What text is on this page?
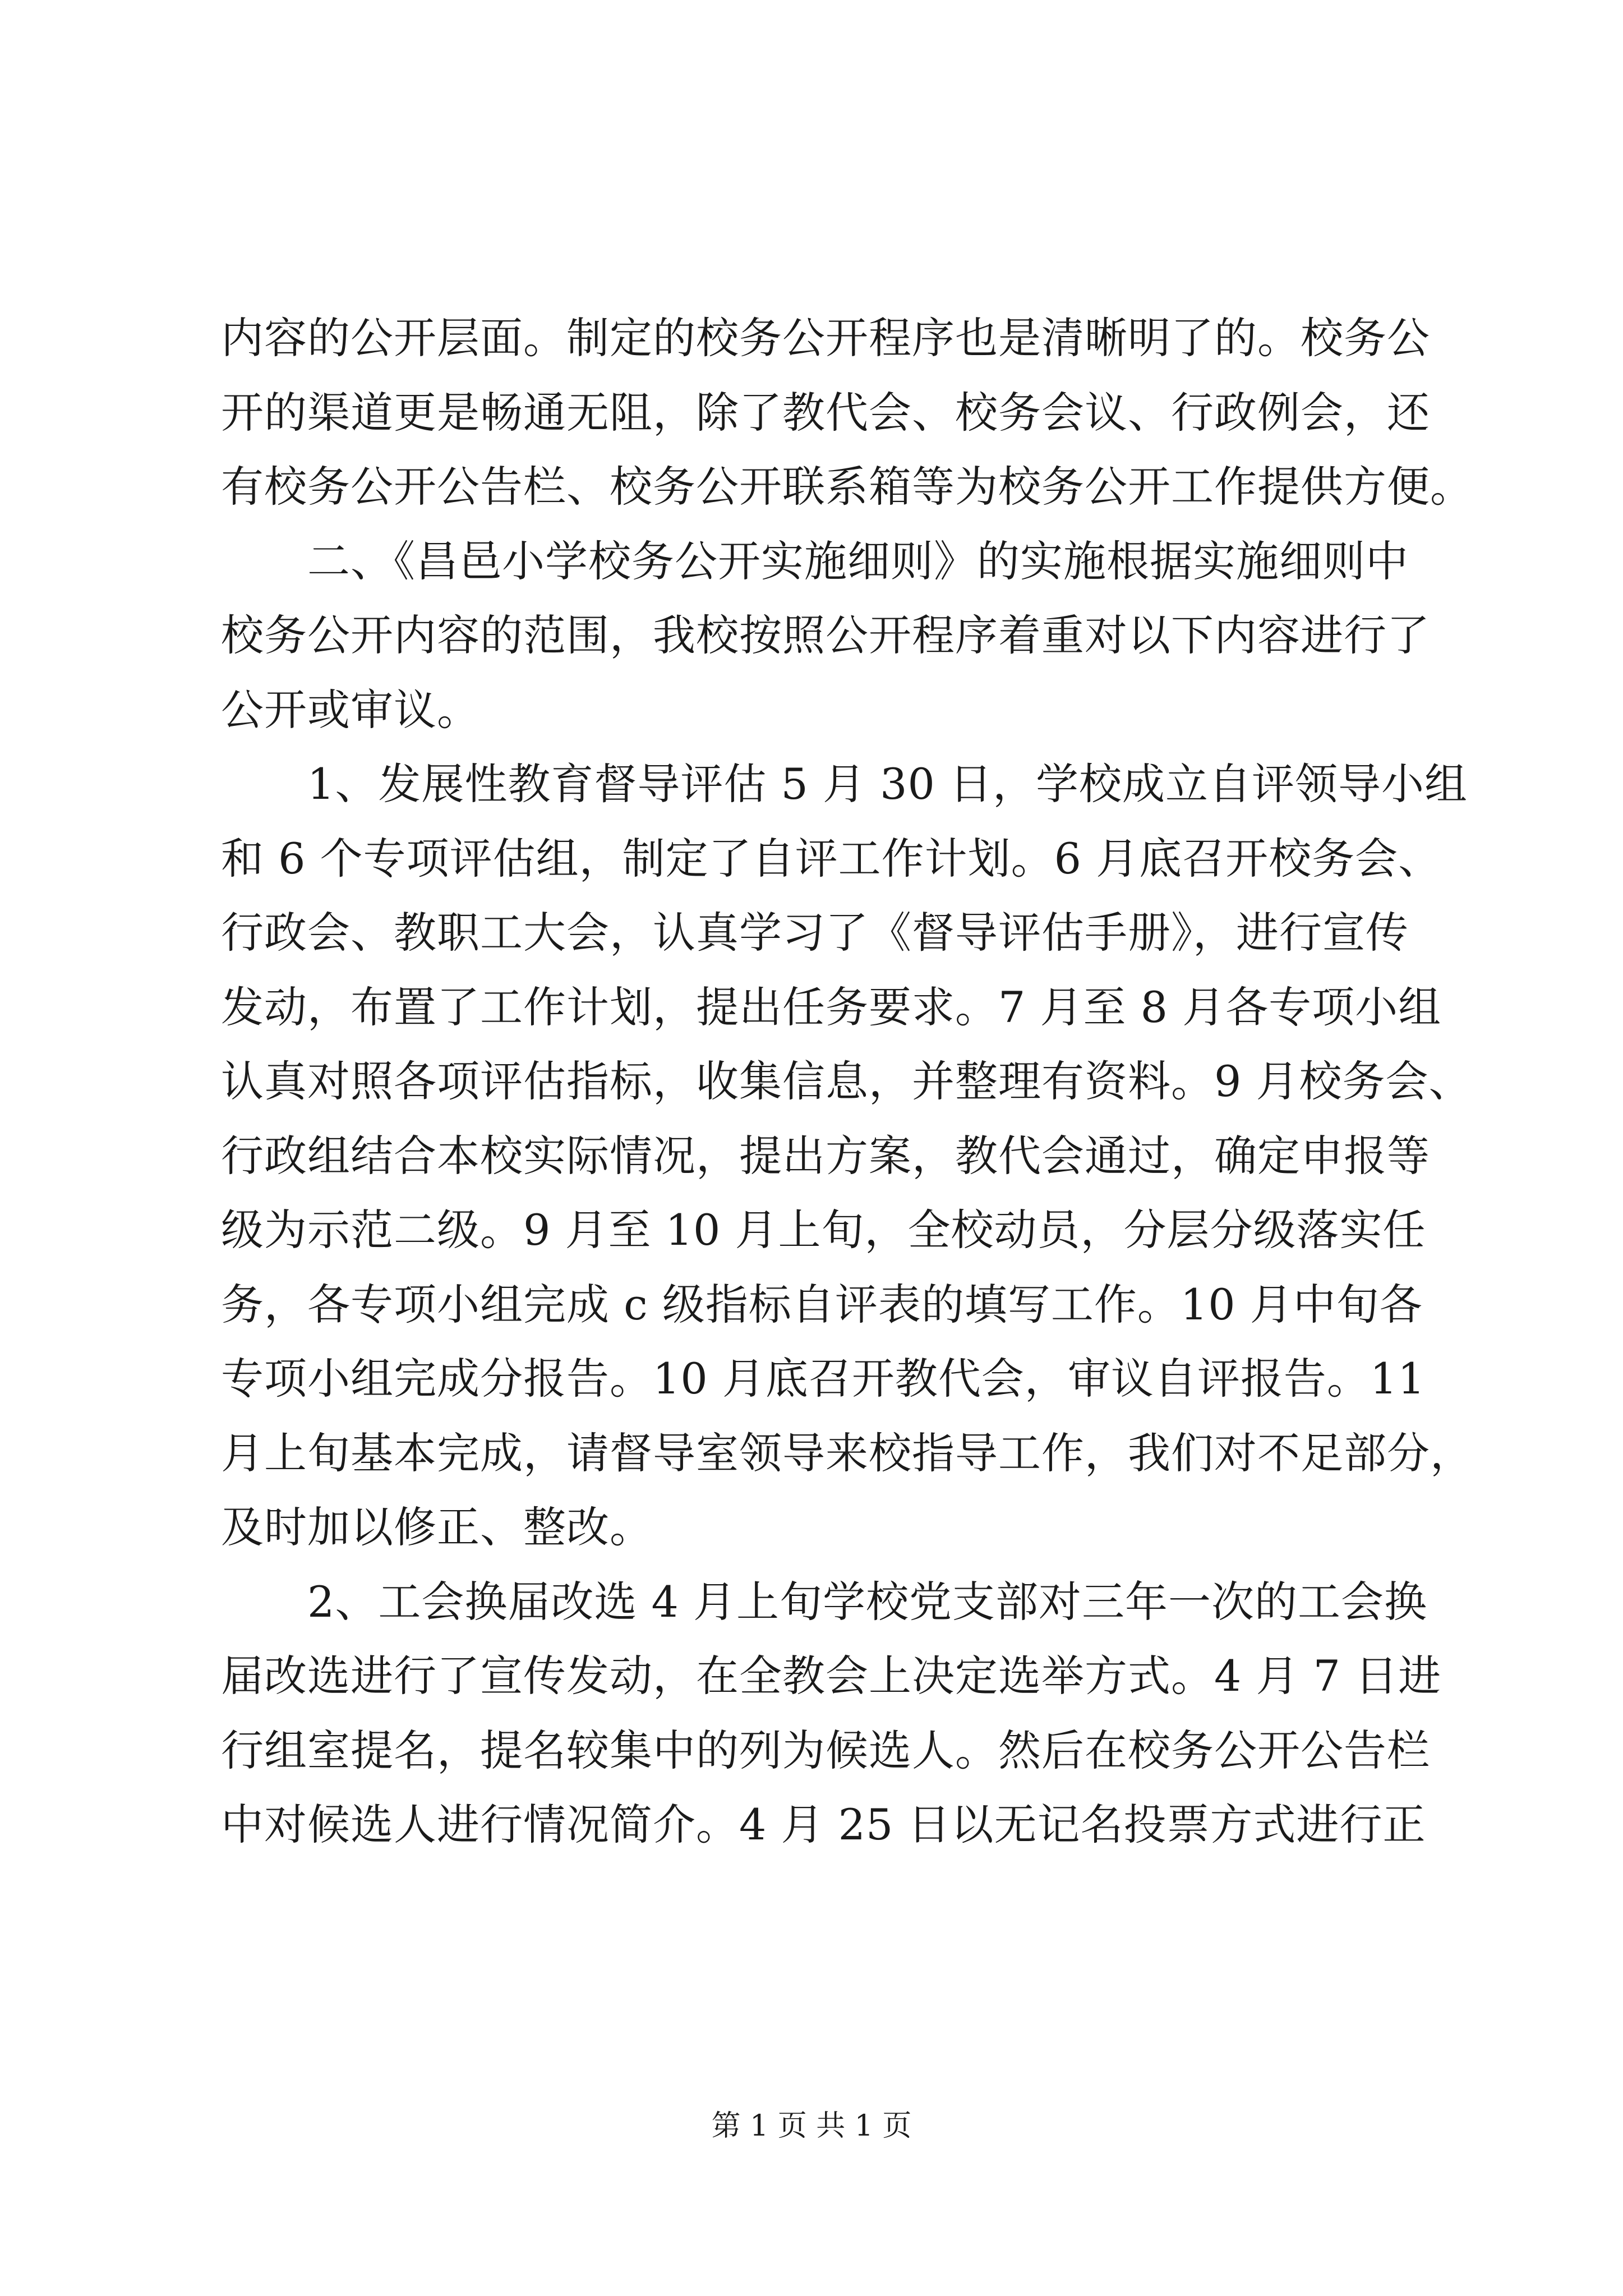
内容的公开层面。制定的校务公开程序也是清晰明了的。校务公
开的渠道更是畅通无阻，除了教代会、校务会议、行政例会，还
有校务公开公告栏、校务公开联系箱等为校务公开工作提供方便。
　　二、《昌邑小学校务公开实施细则》的实施根据实施细则中
校务公开内容的范围，我校按照公开程序着重对以下内容进行了
公开或审议。
　　1、发展性教育督导评估 5 月 30 日，学校成立自评领导小组
和 6 个专项评估组，制定了自评工作计划。6 月底召开校务会、
行政会、教职工大会，认真学习了《督导评估手册》，进行宣传
发动，布置了工作计划，提出任务要求。7 月至 8 月各专项小组
认真对照各项评估指标，收集信息，并整理有资料。9 月校务会、
行政组结合本校实际情况，提出方案，教代会通过，确定申报等
级为示范二级。9 月至 10 月上旬，全校动员，分层分级落实任
务，各专项小组完成 c 级指标自评表的填写工作。10 月中旬各
专项小组完成分报告。10 月底召开教代会，审议自评报告。11
月上旬基本完成，请督导室领导来校指导工作，我们对不足部分，
及时加以修正、整改。
　　2、工会换届改选 4 月上旬学校党支部对三年一次的工会换
届改选进行了宣传发动，在全教会上决定选举方式。4 月 7 日进
行组室提名，提名较集中的列为候选人。然后在校务公开公告栏
中对候选人进行情况简介。4 月 25 日以无记名投票方式进行正
第 1 页 共 1 页
